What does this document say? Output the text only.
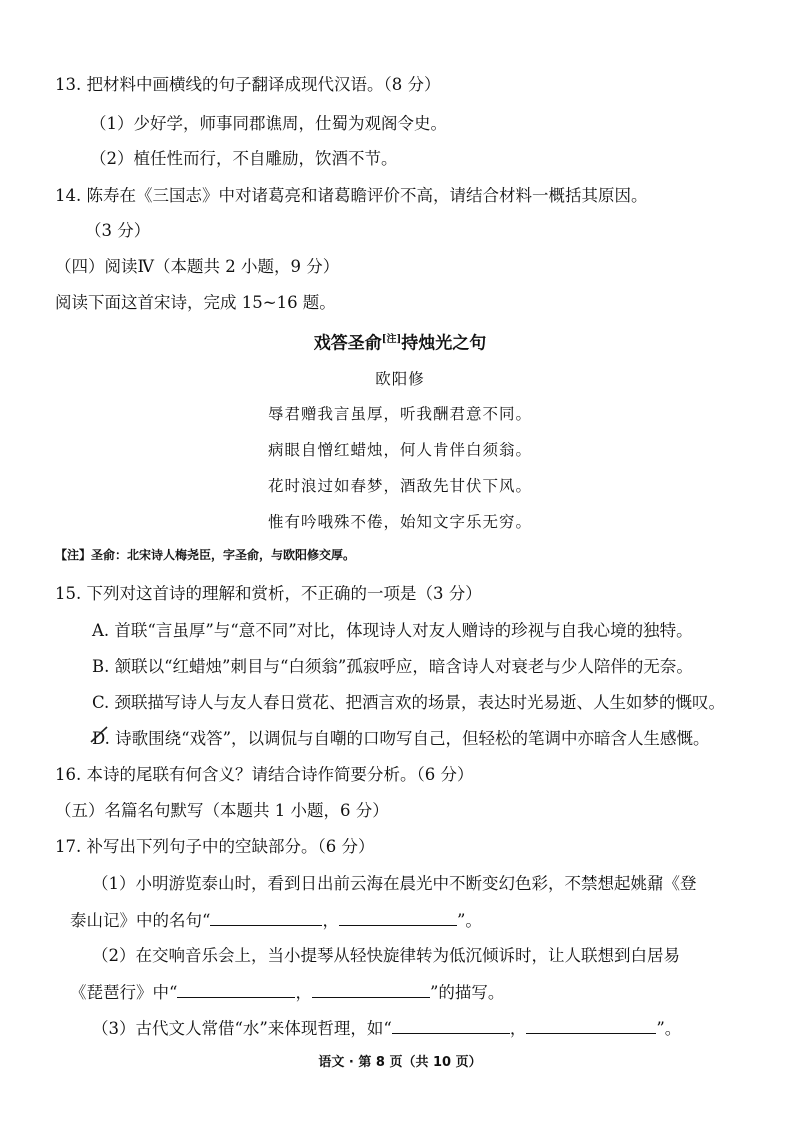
13. 把材料中画横线的句子翻译成现代汉语。（8 分）
（1）少好学，师事同郡谯周，仕蜀为观阁令史。
（2）植任性而行，不自雕励，饮酒不节。
14. 陈寿在《三国志》中对诸葛亮和诸葛瞻评价不高，请结合材料一概括其原因。
（3 分）
（四）阅读Ⅳ（本题共 2 小题，9 分）
阅读下面这首宋诗，完成 15~16 题。
戏答圣俞[注]持烛光之句
欧阳修
辱君赠我言虽厚，听我酬君意不同。
病眼自憎红蜡烛，何人肯伴白须翁。
花时浪过如春梦，酒敌先甘伏下风。
惟有吟哦殊不倦，始知文字乐无穷。
【注】圣俞：北宋诗人梅尧臣，字圣俞，与欧阳修交厚。
15. 下列对这首诗的理解和赏析，不正确的一项是（3 分）
A. 首联“言虽厚”与“意不同”对比，体现诗人对友人赠诗的珍视与自我心境的独特。
B. 颔联以“红蜡烛”刺目与“白须翁”孤寂呼应，暗含诗人对衰老与少人陪伴的无奈。
C. 颈联描写诗人与友人春日赏花、把酒言欢的场景，表达时光易逝、人生如梦的慨叹。
D. 诗歌围绕“戏答”，以调侃与自嘲的口吻写自己，但轻松的笔调中亦暗含人生感慨。
16. 本诗的尾联有何含义？请结合诗作简要分析。（6 分）
（五）名篇名句默写（本题共 1 小题，6 分）
17. 补写出下列句子中的空缺部分。（6 分）
（1）小明游览泰山时，看到日出前云海在晨光中不断变幻色彩，不禁想起姚鼐《登
泰山记》中的名句“	，	”。
（2）在交响音乐会上，当小提琴从轻快旋律转为低沉倾诉时，让人联想到白居易
《琵琶行》中“	，	”的描写。
（3）古代文人常借“水”来体现哲理，如“	，	”。
语文 · 第 8 页（共 10 页）
